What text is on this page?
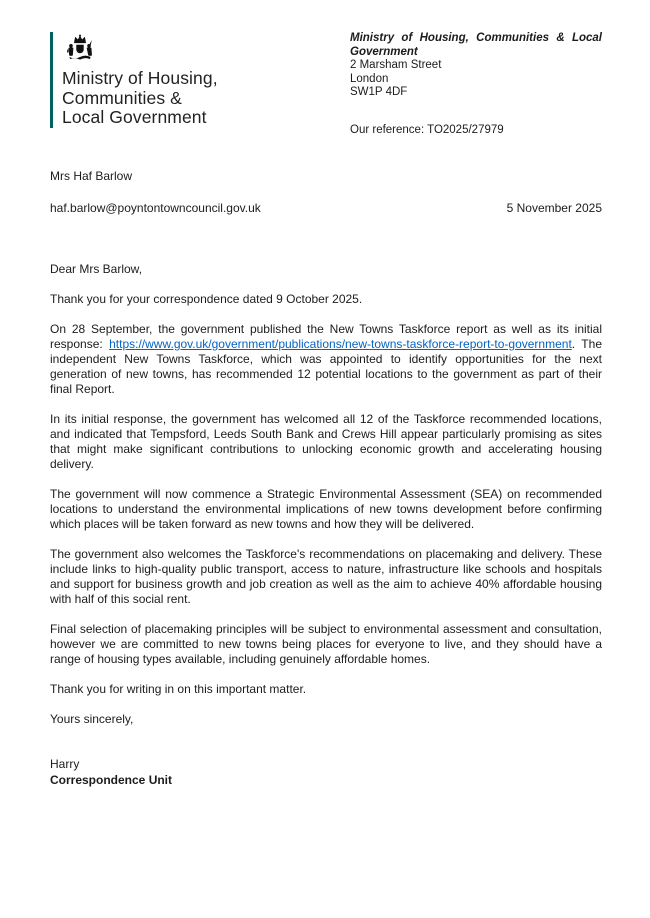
Ministry of Housing,
Communities &
Local Government
Ministry of Housing, Communities & Local Government
2 Marsham Street
London
SW1P 4DF
Our reference: TO2025/27979
Mrs Haf Barlow
haf.barlow@poyntontowncouncil.gov.uk	5 November 2025
Dear Mrs Barlow,

Thank you for your correspondence dated 9 October 2025.

On 28 September, the government published the New Towns Taskforce report as well as its initial response: https://www.gov.uk/government/publications/new-towns-taskforce-report-to-government. The independent New Towns Taskforce, which was appointed to identify opportunities for the next generation of new towns, has recommended 12 potential locations to the government as part of their final Report.

In its initial response, the government has welcomed all 12 of the Taskforce recommended locations, and indicated that Tempsford, Leeds South Bank and Crews Hill appear particularly promising as sites that might make significant contributions to unlocking economic growth and accelerating housing delivery.

The government will now commence a Strategic Environmental Assessment (SEA) on recommended locations to understand the environmental implications of new towns development before confirming which places will be taken forward as new towns and how they will be delivered.

The government also welcomes the Taskforce's recommendations on placemaking and delivery. These include links to high-quality public transport, access to nature, infrastructure like schools and hospitals and support for business growth and job creation as well as the aim to achieve 40% affordable housing with half of this social rent.

Final selection of placemaking principles will be subject to environmental assessment and consultation, however we are committed to new towns being places for everyone to live, and they should have a range of housing types available, including genuinely affordable homes.

Thank you for writing in on this important matter.

Yours sincerely,
Harry
Correspondence Unit
